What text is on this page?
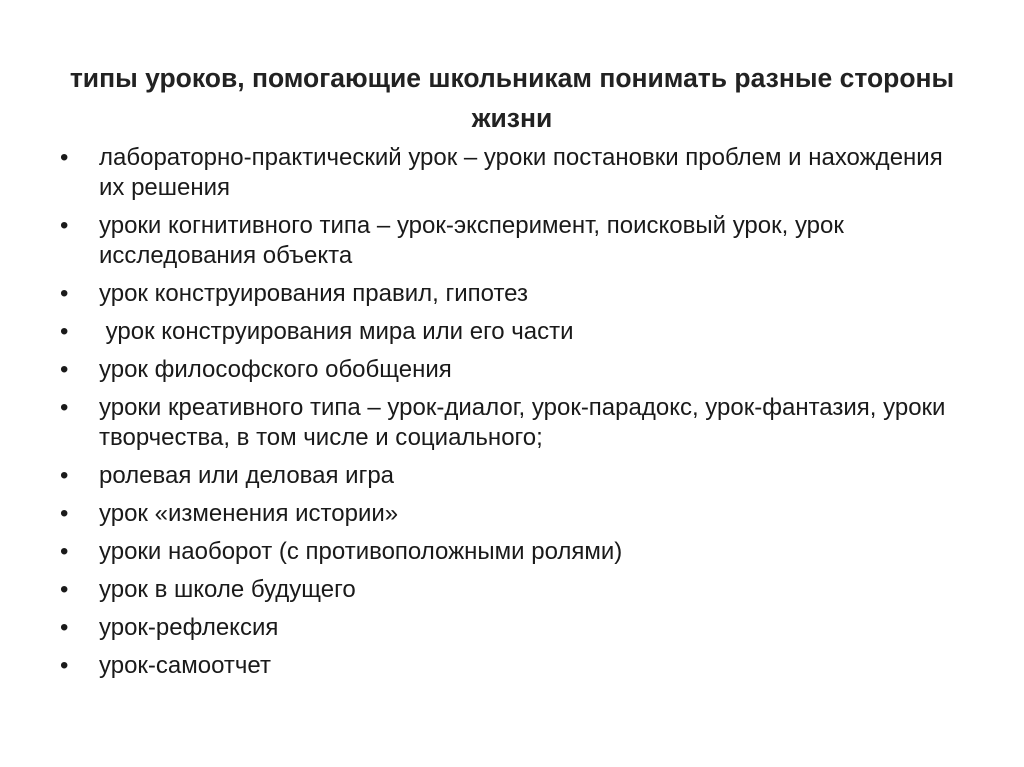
типы уроков, помогающие школьникам понимать разные стороны жизни
•	лабораторно-практический урок – уроки постановки проблем и нахождения их решения
•	уроки когнитивного типа – урок-эксперимент, поисковый урок, урок исследования объекта
•	урок конструирования правил, гипотез
•	урок конструирования мира или его части
•	урок философского обобщения
•	уроки креативного типа – урок-диалог, урок-парадокс, урок-фантазия, уроки творчества, в том числе и социального;
•	ролевая или деловая игра
•	урок «изменения истории»
•	уроки наоборот (с противоположными ролями)
•	урок в школе будущего
•	урок-рефлексия
•	урок-самоотчет
